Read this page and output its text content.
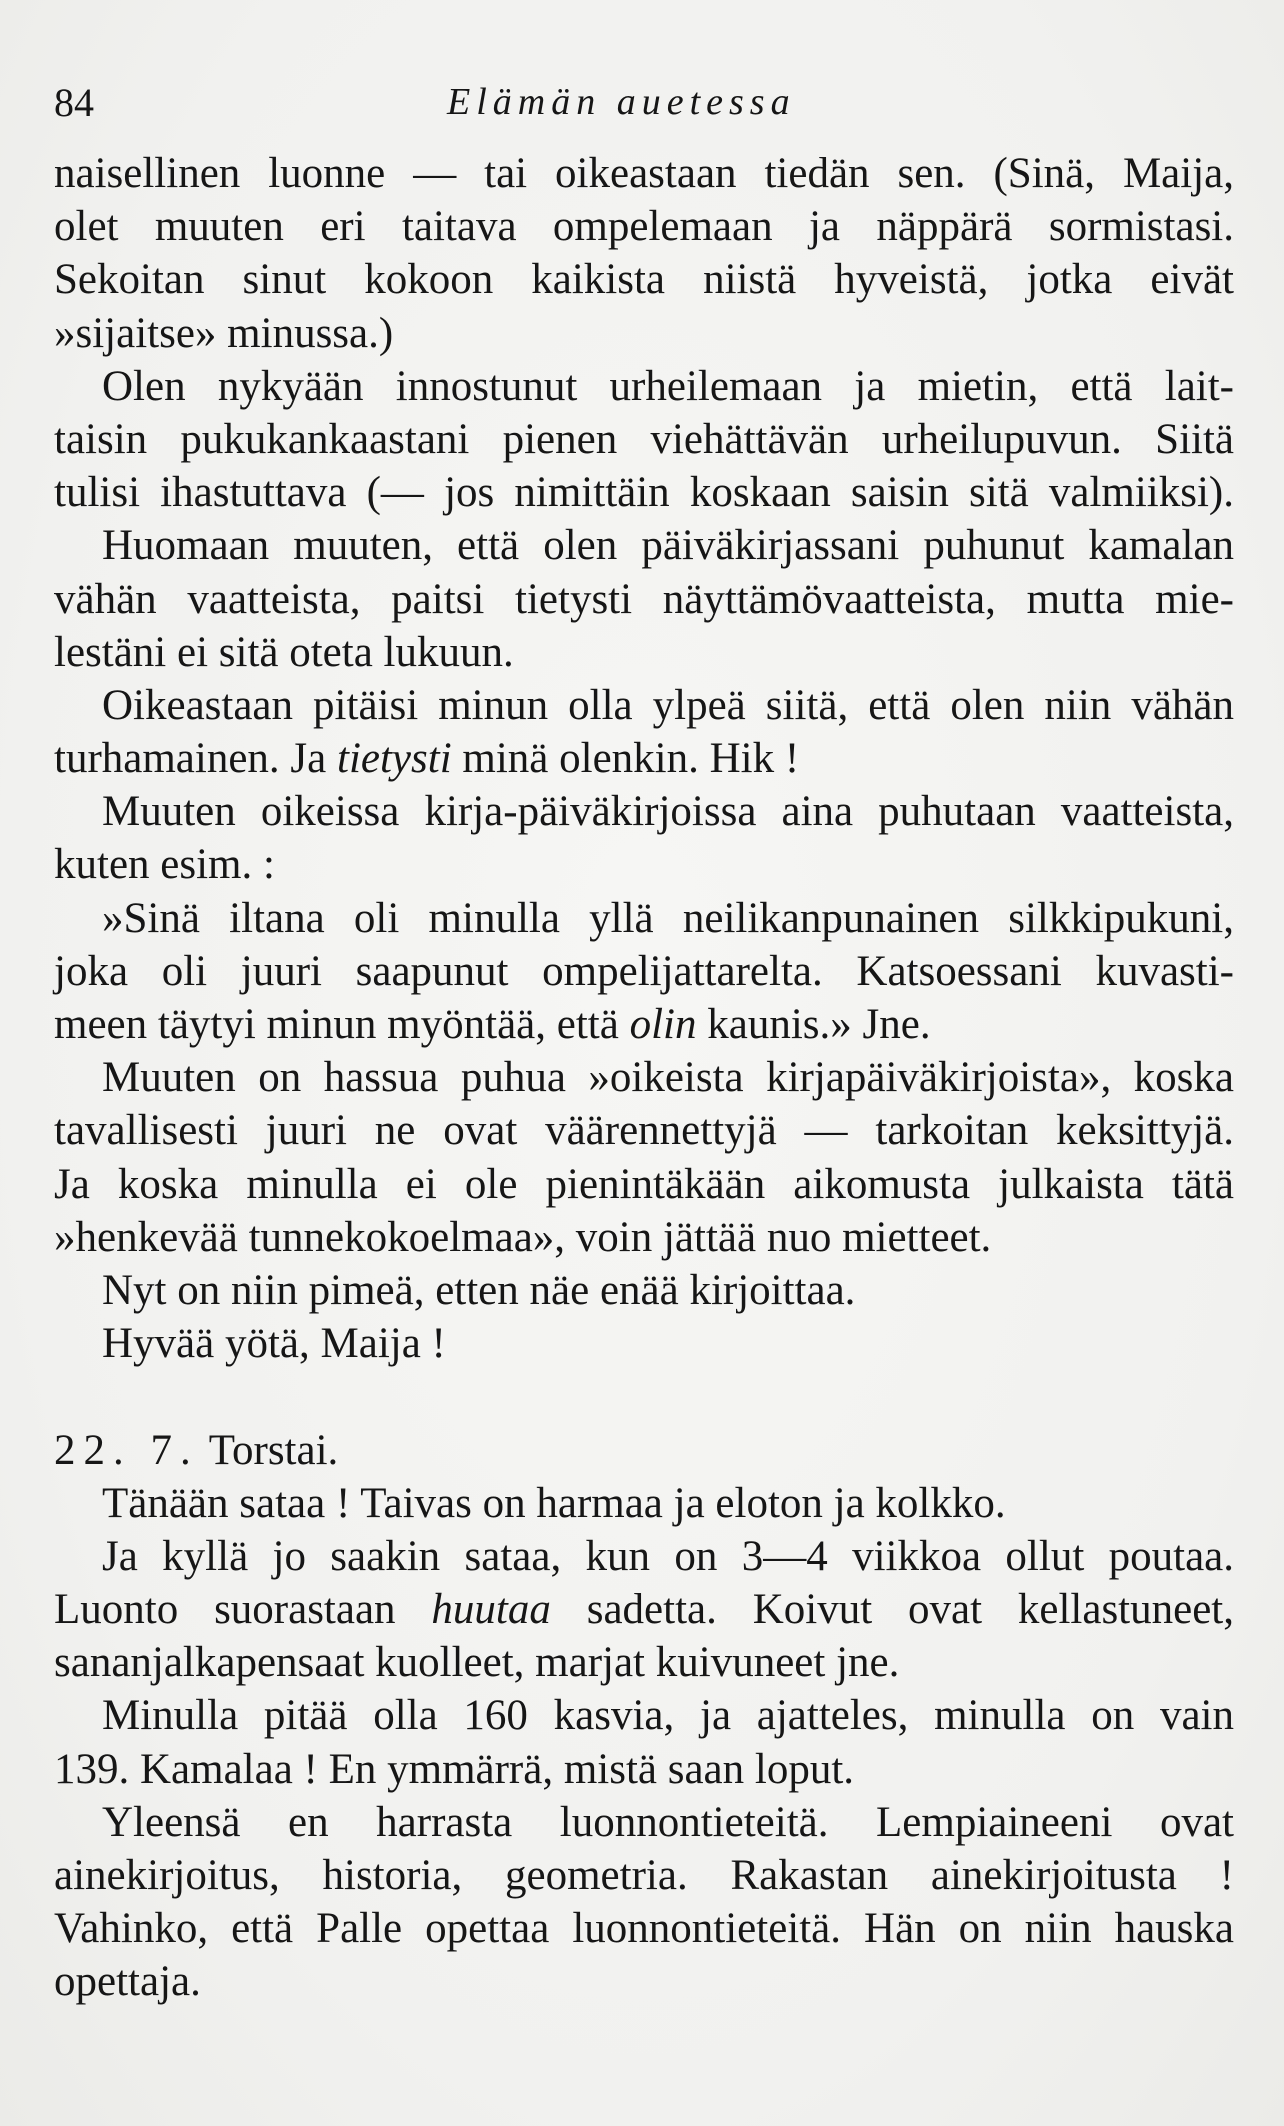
84	Elämän auetessa
naisellinen luonne — tai oikeastaan tiedän sen. (Sinä, Maija,
olet muuten eri taitava ompelemaan ja näppärä sormistasi.
Sekoitan sinut kokoon kaikista niistä hyveistä, jotka eivät
»sijaitse» minussa.)
Olen nykyään innostunut urheilemaan ja mietin, että lait-
taisin pukukankaastani pienen viehättävän urheilupuvun. Siitä
tulisi ihastuttava (— jos nimittäin koskaan saisin sitä valmiiksi).
Huomaan muuten, että olen päiväkirjassani puhunut kamalan
vähän vaatteista, paitsi tietysti näyttämövaatteista, mutta mie-
lestäni ei sitä oteta lukuun.
Oikeastaan pitäisi minun olla ylpeä siitä, että olen niin vähän
turhamainen. Ja tietysti minä olenkin. Hik !
Muuten oikeissa kirja-päiväkirjoissa aina puhutaan vaatteista,
kuten esim. :
»Sinä iltana oli minulla yllä neilikanpunainen silkkipukuni,
joka oli juuri saapunut ompelijattarelta. Katsoessani kuvasti-
meen täytyi minun myöntää, että olin kaunis.» Jne.
Muuten on hassua puhua »oikeista kirjapäiväkirjoista», koska
tavallisesti juuri ne ovat väärennettyjä — tarkoitan keksittyjä.
Ja koska minulla ei ole pienintäkään aikomusta julkaista tätä
»henkevää tunnekokoelmaa», voin jättää nuo mietteet.
Nyt on niin pimeä, etten näe enää kirjoittaa.
Hyvää yötä, Maija !
22. 7. Torstai.
Tänään sataa ! Taivas on harmaa ja eloton ja kolkko.
Ja kyllä jo saakin sataa, kun on 3—4 viikkoa ollut poutaa.
Luonto suorastaan huutaa sadetta. Koivut ovat kellastuneet,
sananjalkapensaat kuolleet, marjat kuivuneet jne.
Minulla pitää olla 160 kasvia, ja ajatteles, minulla on vain
139. Kamalaa ! En ymmärrä, mistä saan loput.
Yleensä en harrasta luonnontieteitä. Lempiaineeni ovat
ainekirjoitus, historia, geometria. Rakastan ainekirjoitusta !
Vahinko, että Palle opettaa luonnontieteitä. Hän on niin hauska
opettaja.
